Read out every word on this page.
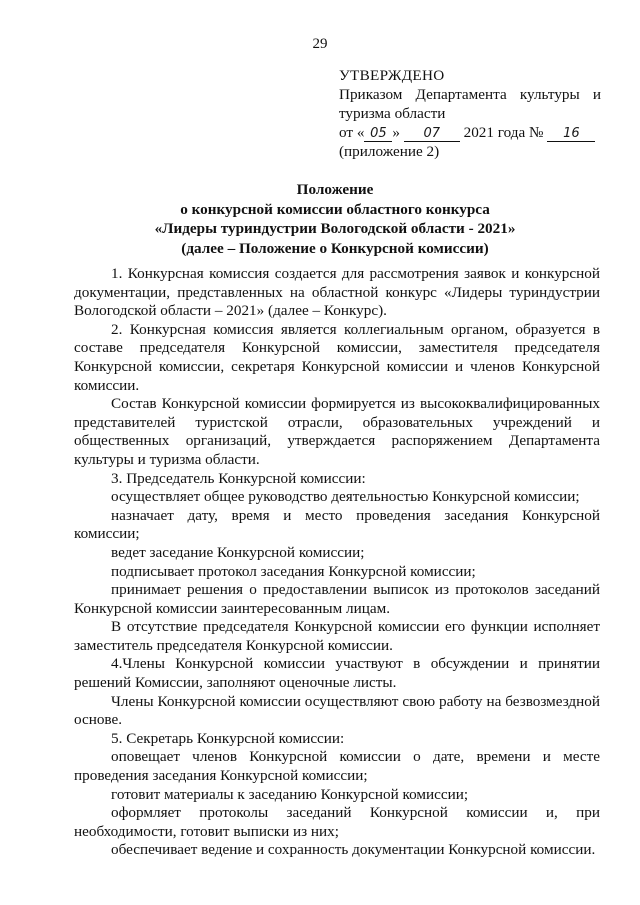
29
УТВЕРЖДЕНО
Приказом Департамента культуры и
туризма области
от « 05 » 07 2021 года № 16
(приложение 2)
Положение
о конкурсной комиссии областного конкурса
«Лидеры туриндустрии Вологодской области - 2021»
(далее – Положение о Конкурсной комиссии)

1. Конкурсная комиссия создается для рассмотрения заявок и конкурсной документации, представленных на областной конкурс «Лидеры туриндустрии Вологодской области – 2021» (далее – Конкурс).

2. Конкурсная комиссия является коллегиальным органом, образуется в составе председателя Конкурсной комиссии, заместителя председателя Конкурсной комиссии, секретаря Конкурсной комиссии и членов Конкурсной комиссии.

Состав Конкурсной комиссии формируется из высококвалифицированных представителей туристской отрасли, образовательных учреждений и общественных организаций, утверждается распоряжением Департамента культуры и туризма области.

3. Председатель Конкурсной комиссии:

осуществляет общее руководство деятельностью Конкурсной комиссии;

назначает дату, время и место проведения заседания Конкурсной комиссии;

ведет заседание Конкурсной комиссии;

подписывает протокол заседания Конкурсной комиссии;

принимает решения о предоставлении выписок из протоколов заседаний Конкурсной комиссии заинтересованным лицам.

В отсутствие председателя Конкурсной комиссии его функции исполняет заместитель председателя Конкурсной комиссии.

4.Члены Конкурсной комиссии участвуют в обсуждении и принятии решений Комиссии, заполняют оценочные листы.

Члены Конкурсной комиссии осуществляют свою работу на безвозмездной основе.

5. Секретарь Конкурсной комиссии:

оповещает членов Конкурсной комиссии о дате, времени и месте проведения заседания Конкурсной комиссии;

готовит материалы к заседанию Конкурсной комиссии;

оформляет протоколы заседаний Конкурсной комиссии и, при необходимости, готовит выписки из них;

обеспечивает ведение и сохранность документации Конкурсной комиссии.
